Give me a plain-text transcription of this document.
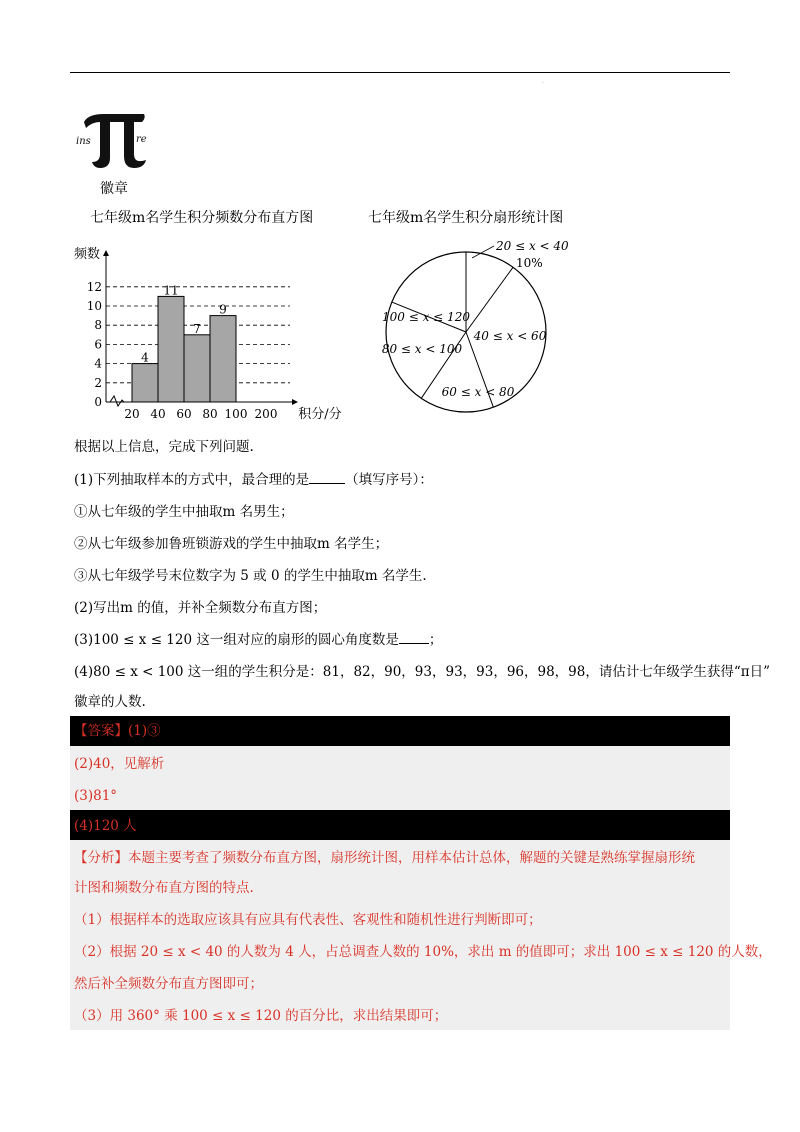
·
ins	re
徽章
七年级m名学生积分频数分布直方图	七年级m名学生积分扇形统计图
0
2
4
6
8
10
12
20 40 60 80 100 200
4
11
7
9
频数
积分/分
20 ≤ x < 40
40 ≤ x < 60
60 ≤ x < 80
80 ≤ x < 100
100 ≤ x ≤ 120
10%
根据以上信息，完成下列问题.
(1)下列抽取样本的方式中，最合理的是	（填写序号）：
①从七年级的学生中抽取m 名男生；
②从七年级参加鲁班锁游戏的学生中抽取m 名学生；
③从七年级学号末位数字为 5 或 0 的学生中抽取m 名学生.
(2)写出m 的值，并补全频数分布直方图；
(3)100 ≤ x ≤ 120 这一组对应的扇形的圆心角度数是 ；
(4)80 ≤ x < 100 这一组的学生积分是：81，82，90，93，93，93，96，98，98，请估计七年级学生获得“π日”
徽章的人数.
【答案】(1)③
(2)40，见解析
(3)81°
(4)120 人
【分析】本题主要考查了频数分布直方图，扇形统计图，用样本估计总体，解题的关键是熟练掌握扇形统
计图和频数分布直方图的特点.
（1）根据样本的选取应该具有应具有代表性、客观性和随机性进行判断即可；
（2）根据 20 ≤ x < 40 的人数为 4 人，占总调查人数的 10%，求出 m 的值即可；求出 100 ≤ x ≤ 120 的人数，
然后补全频数分布直方图即可；
（3）用 360° 乘 100 ≤ x ≤ 120 的百分比，求出结果即可；
